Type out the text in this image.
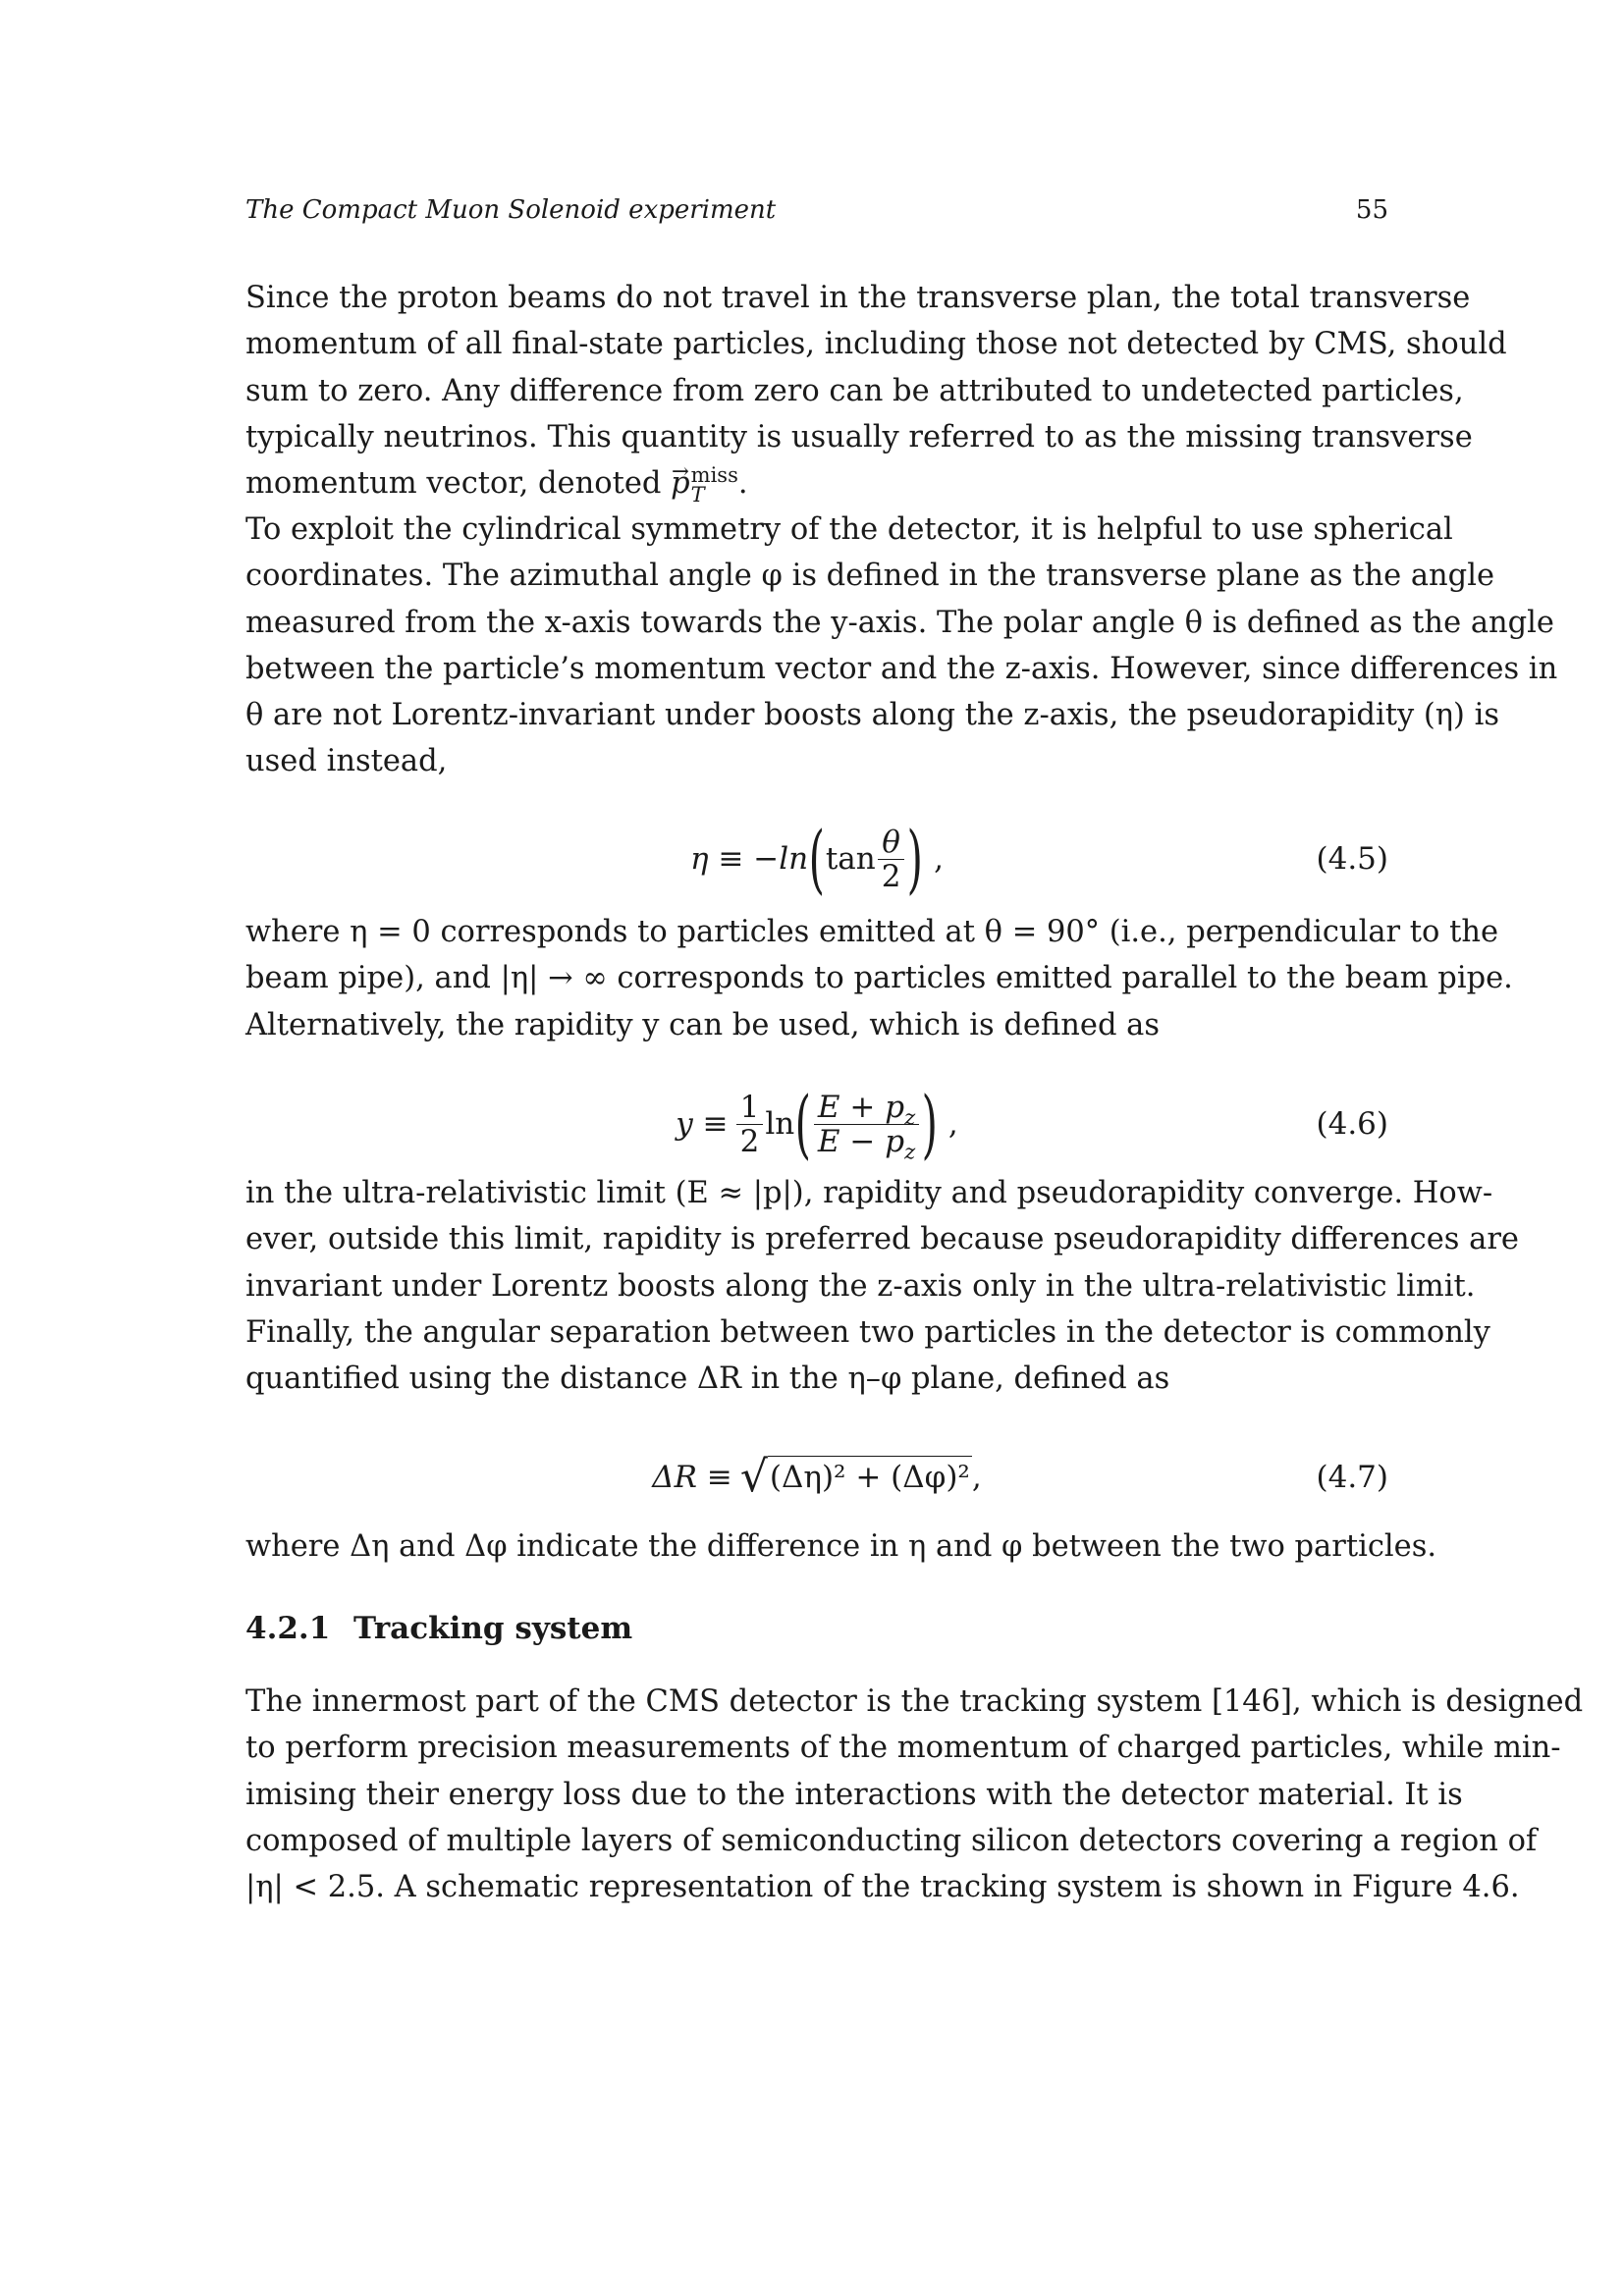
The Compact Muon Solenoid experiment	55
Since the proton beams do not travel in the transverse plan, the total transverse
momentum of all final-state particles, including those not detected by CMS, should
sum to zero. Any difference from zero can be attributed to undetected particles,
typically neutrinos. This quantity is usually referred to as the missing transverse
momentum vector, denoted → p miss
T	.
To exploit the cylindrical symmetry of the detector, it is helpful to use spherical
coordinates. The azimuthal angle φ is defined in the transverse plane as the angle
measured from the x-axis towards the y-axis. The polar angle θ is defined as the angle
between the particle’s momentum vector and the z-axis. However, since differences in
θ are not Lorentz-invariant under boosts along the z-axis, the pseudorapidity (η) is
used instead,
η ≡ −ln ( $\tan \frac{\theta}{2}$ ) ,	(4.5)
where η = 0 corresponds to particles emitted at θ = 90° (i.e., perpendicular to the
beam pipe), and |η| → ∞ corresponds to particles emitted parallel to the beam pipe.
Alternatively, the rapidity y can be used, which is defined as
$y \equiv \frac{1}{2}$ ln ( $\frac{E + p_z}{E - p_z}$ ) ,	(4.6)
in the ultra-relativistic limit (E ≈ |p|), rapidity and pseudorapidity converge. How-
ever, outside this limit, rapidity is preferred because pseudorapidity differences are
invariant under Lorentz boosts along the z-axis only in the ultra-relativistic limit.
Finally, the angular separation between two particles in the detector is commonly
quantified using the distance ΔR in the η–φ plane, defined as
ΔR ≡ √ (Δη)² + (Δφ)² ,	(4.7)
where Δη and Δφ indicate the difference in η and φ between the two particles.
4.2.1 Tracking system
The innermost part of the CMS detector is the tracking system [146], which is designed
to perform precision measurements of the momentum of charged particles, while min-
imising their energy loss due to the interactions with the detector material. It is
composed of multiple layers of semiconducting silicon detectors covering a region of
|η| < 2.5. A schematic representation of the tracking system is shown in Figure 4.6.
